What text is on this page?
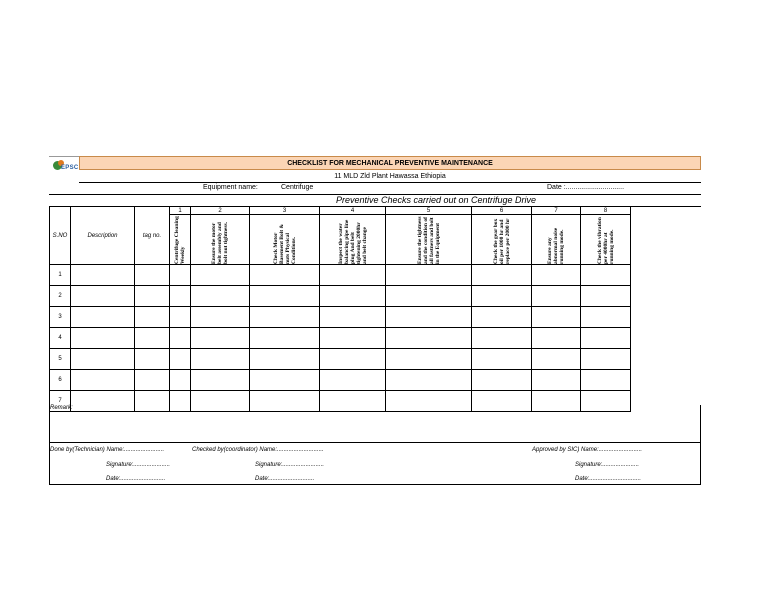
EPSC
CHECKLIST FOR MECHANICAL PREVENTIVE MAINTENANCE
11 MLD Zld Plant Hawassa Ethiopia
Equipment name:	Centrifuge	Date :..............................
Preventive Checks carried out on Centrifuge Drive
S.NO	Description	tag no.	1	2	3	4	5	6	7	8

			Centrifuge Cleaning Weekly	Ensure the motor belt assembly and bolt nut tightness.	Check Motor Basement Bolt & nuts Physical Conditions.	Inspect the water balancing pipe line plug And belt tightening 2000hr and belt change	Ensure the tightness and the condition of all fastners and bolt in the Equipment	Check the gear box oil per 1000 hr and replace per 2000 hr	Ensure any abnormal noise running mode.	Check the vibration per 4000hr at running mode.

1										
2										
3										
4										
5										
6										
7										
Remark:
Done by(Technician) Name:........................	Checked by(coordinator) Name:............................	Approved by SIC) Name:..........................
Signature:......................	Signature:.........................	Signature:......................
Date:...........................	Date:...........................	Date:...............................
